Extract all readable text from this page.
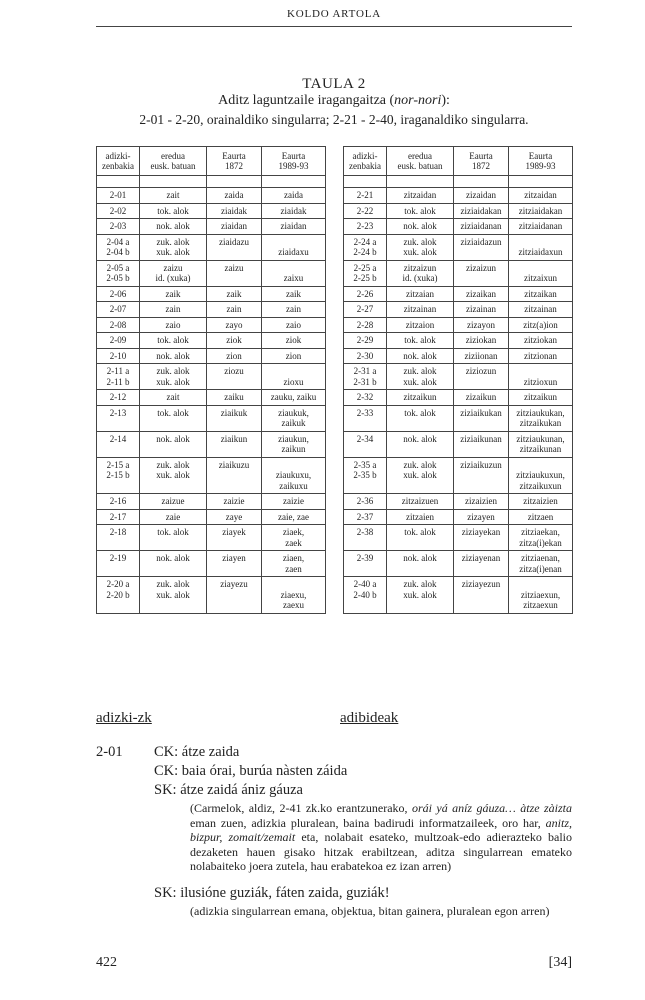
KOLDO ARTOLA
TAULA 2
Aditz laguntzaile iragangaitza (nor-nori):
2-01 - 2-20, orainaldiko singularra; 2-21 - 2-40, iraganaldiko singularra.
adizki-
zenbakia	eredua
eusk. batuan	Eaurta
1872	Eaurta
1989-93

2-01	zait	zaida	zaida

2-02	tok. alok	ziaidak	ziaidak

2-03	nok. alok	ziaidan	ziaidan

2-04 a
2-04 b	zuk. alok
xuk. alok	ziaidazu	ziaidaxu

2-05 a
2-05 b	zaizu
id. (xuka)	zaizu	zaixu

2-06	zaik	zaik	zaik

2-07	zain	zain	zain

2-08	zaio	zayo	zaio

2-09	tok. alok	ziok	ziok

2-10	nok. alok	zion	zion

2-11 a
2-11 b	zuk. alok
xuk. alok	ziozu	zioxu

2-12	zait	zaiku	zauku, zaiku

2-13	tok. alok	ziaikuk	ziaukuk,
zaikuk

2-14	nok. alok	ziaikun	ziaukun,
zaikun

2-15 a
2-15 b	zuk. alok
xuk. alok	ziaikuzu	ziaukuxu,
zaikuxu

2-16	zaizue	zaizie	zaizie

2-17	zaie	zaye	zaie, zae

2-18	tok. alok	ziayek	ziaek,
zaek

2-19	nok. alok	ziayen	ziaen,
zaen

2-20 a
2-20 b	zuk. alok
xuk. alok	ziayezu	ziaexu,
zaexu
adizki-
zenbakia	eredua
eusk. batuan	Eaurta
1872	Eaurta
1989-93

2-21	zitzaidan	zizaidan	zitzaidan

2-22	tok. alok	ziziaidakan	zitziaidakan

2-23	nok. alok	ziziaidanan	zitziaidanan

2-24 a
2-24 b	zuk. alok
xuk. alok	ziziaidazun	zitziaidaxun

2-25 a
2-25 b	zitzaizun
id. (xuka)	zizaizun	zitzaixun

2-26	zitzaian	zizaikan	zitzaikan

2-27	zitzainan	zizainan	zitzainan

2-28	zitzaion	zizayon	zitz(a)ion

2-29	tok. alok	ziziokan	zitziokan

2-30	nok. alok	ziziionan	zitzionan

2-31 a
2-31 b	zuk. alok
xuk. alok	ziziozun	zitzioxun

2-32	zitzaikun	zizaikun	zitzaikun

2-33	tok. alok	ziziaikukan	zitziaukukan,
zitzaikukan

2-34	nok. alok	ziziaikunan	zitziaukunan,
zitzaikunan

2-35 a
2-35 b	zuk. alok
xuk. alok	ziziaikuzun	zitziaukuxun,
zitzaikuxun

2-36	zitzaizuen	zizaizien	zitzaizien

2-37	zitzaien	zizayen	zitzaen

2-38	tok. alok	ziziayekan	zitziaekan,
zitza(i)ekan

2-39	nok. alok	ziziayenan	zitziaenan,
zitza(i)enan

2-40 a
2-40 b	zuk. alok
xuk. alok	ziziayezun	zitziaexun,
zitzaexun
adizki-zk	adibideak
2-01 CK: átze zaida
CK: baia órai, burúa nàsten záida
SK: átze zaidá ániz gáuza
(Carmelok, aldiz, 2-41 zk.ko erantzunerako, orái yá aníz gáuza… àtze zàizta eman zuen, adizkia pluralean, baina badirudi informatzaileek, oro har, anitz, bizpur, zomait/zemait eta, nolabait esateko, multzoak-edo adierazteko balio dezaketen hauen gisako hitzak erabiltzean, aditza singularrean emateko nolabaiteko joera zutela, hau erabatekoa ez izan arren)
SK: ilusióne guziák, fáten zaida, guziák!
(adizkia singularrean emana, objektua, bitan gainera, pluralean egon arren)
422	[34]
